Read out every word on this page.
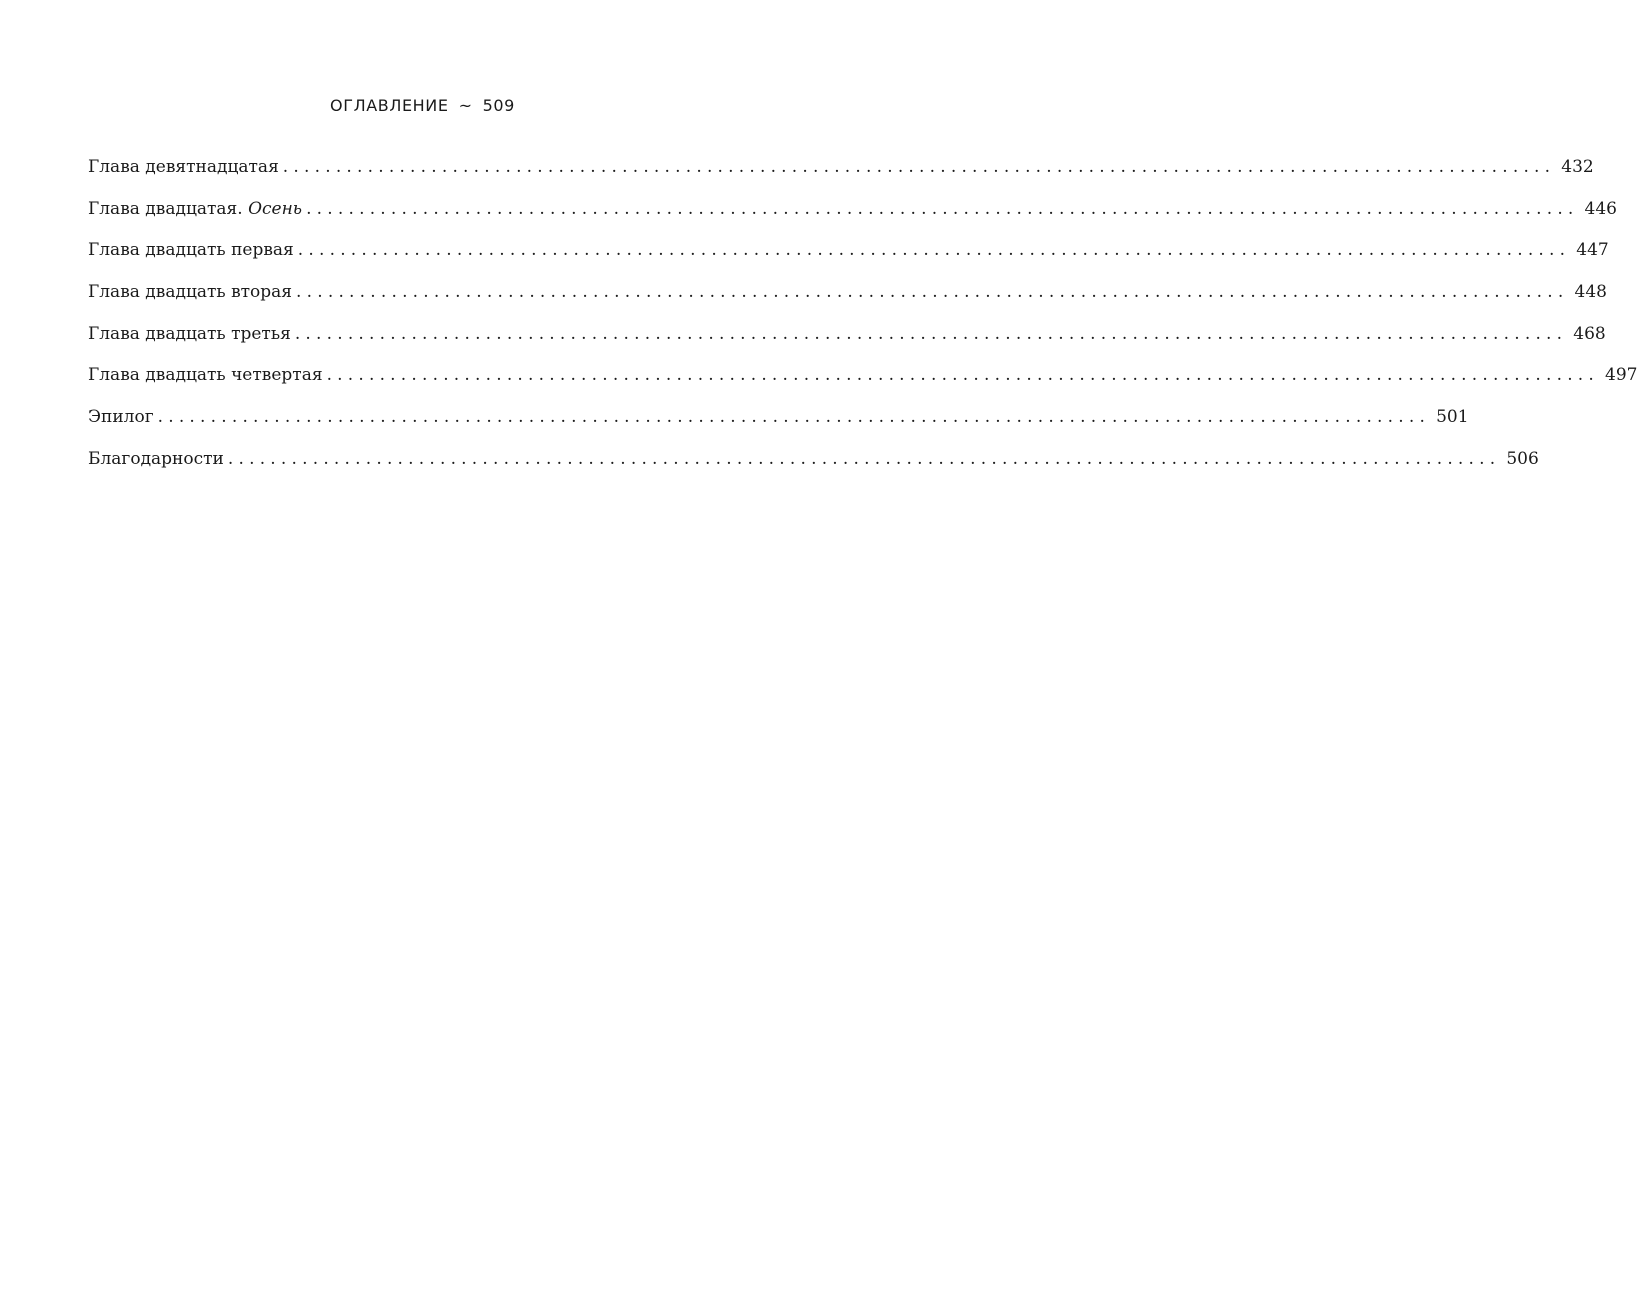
ОГЛАВЛЕНИЕ ~ 509
Глава девятнадцатая ........................................................................................................................ 432
Глава двадцатая. Осень ........................................................................................................................ 446
Глава двадцать первая ........................................................................................................................ 447
Глава двадцать вторая ........................................................................................................................ 448
Глава двадцать третья ........................................................................................................................ 468
Глава двадцать четвертая ........................................................................................................................ 497
Эпилог ........................................................................................................................ 501
Благодарности ........................................................................................................................ 506
